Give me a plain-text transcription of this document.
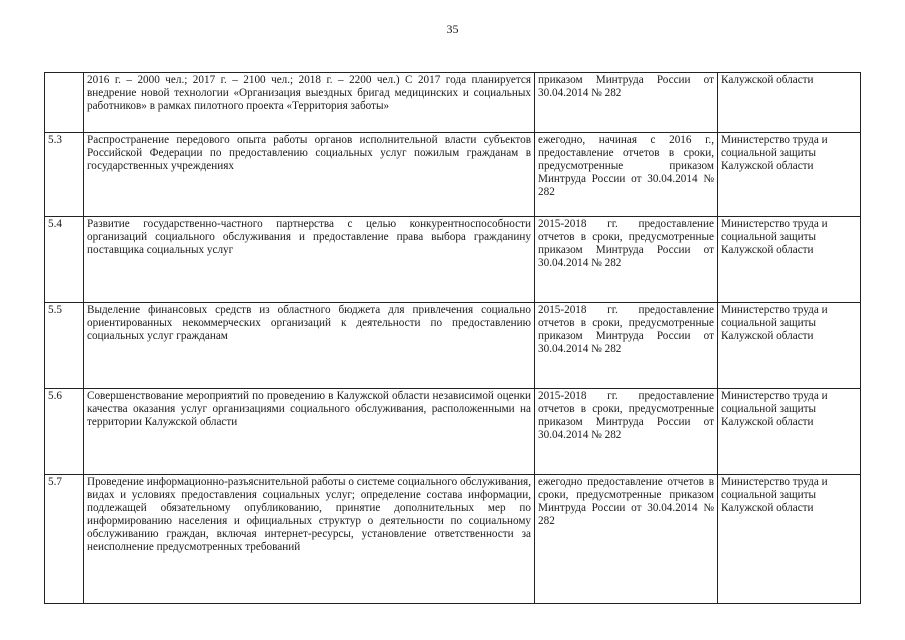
35
	2016 г. – 2000 чел.; 2017 г. – 2100 чел.; 2018 г. – 2200 чел.) С 2017 года планируется внедрение новой технологии «Организация выездных бригад медицинских и социальных работников» в рамках пилотного проекта «Территория заботы»	приказом Минтруда России от 30.04.2014 № 282	Калужской области
5.3	Распространение передового опыта работы органов исполнительной власти субъектов Российской Федерации по предоставлению социальных услуг пожилым гражданам в государственных учреждениях	ежегодно, начиная с 2016 г., предоставление отчетов в сроки, предусмотренные приказом Минтруда России от 30.04.2014 № 282	Министерство труда и социальной защиты Калужской области
5.4	Развитие государственно-частного партнерства с целью конкурентноспособности организаций социального обслуживания и предоставление права выбора гражданину поставщика социальных услуг	2015-2018 гг. предоставление отчетов в сроки, предусмотренные приказом Минтруда России от 30.04.2014 № 282	Министерство труда и социальной защиты Калужской области
5.5	Выделение финансовых средств из областного бюджета для привлечения социально ориентированных некоммерческих организаций к деятельности по предоставлению социальных услуг гражданам	2015-2018 гг. предоставление отчетов в сроки, предусмотренные приказом Минтруда России от 30.04.2014 № 282	Министерство труда и социальной защиты Калужской области
5.6	Совершенствование мероприятий по проведению в Калужской области независимой оценки качества оказания услуг организациями социального обслуживания, расположенными на территории Калужской области	2015-2018 гг. предоставление отчетов в сроки, предусмотренные приказом Минтруда России от 30.04.2014 № 282	Министерство труда и социальной защиты Калужской области
5.7	Проведение информационно-разъяснительной работы о системе социального обслуживания, видах и условиях предоставления социальных услуг; определение состава информации, подлежащей обязательному опубликованию, принятие дополнительных мер по информированию населения и официальных структур о деятельности по социальному обслуживанию граждан, включая интернет-ресурсы, установление ответственности за неисполнение предусмотренных требований	ежегодно предоставление отчетов в сроки, предусмотренные приказом Минтруда России от 30.04.2014 № 282	Министерство труда и социальной защиты Калужской области
